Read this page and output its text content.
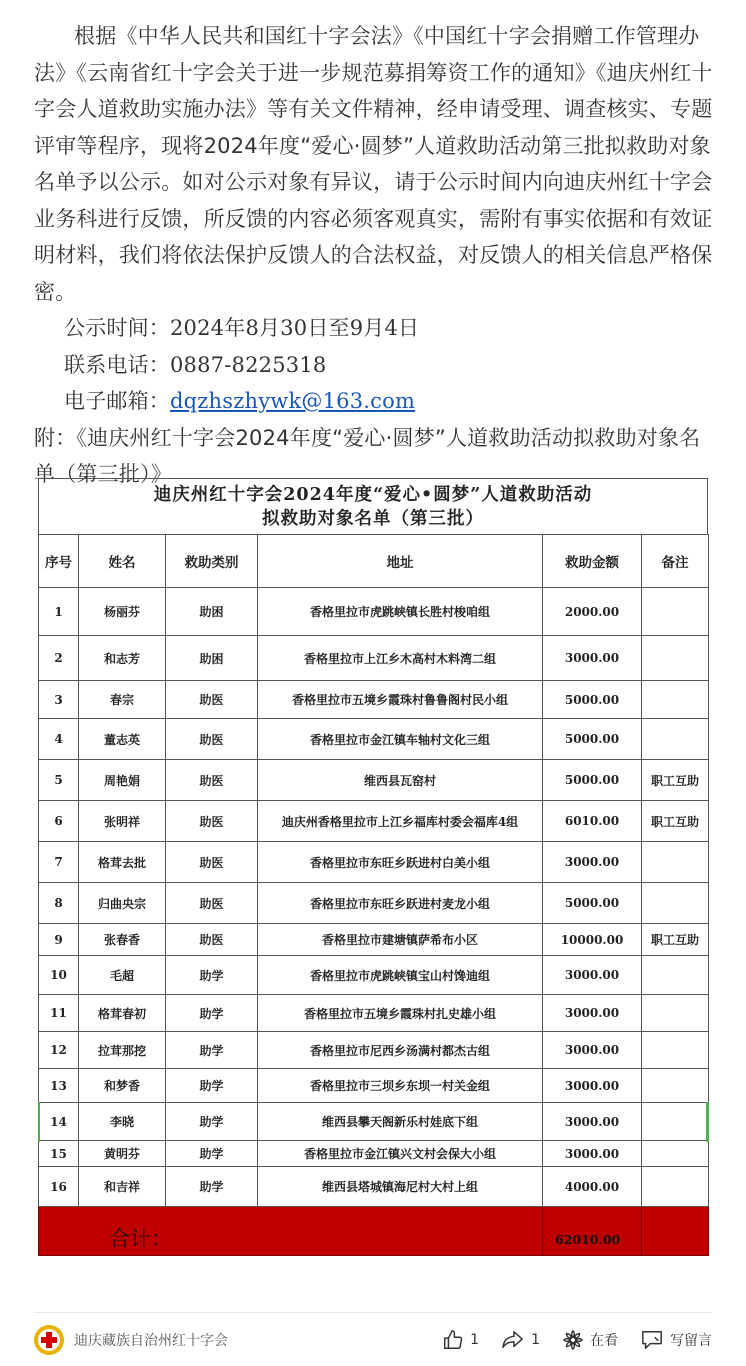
根据《中华人民共和国红十字会法》《中国红十字会捐赠工作管理办法》《云南省红十字会关于进一步规范募捐筹资工作的通知》《迪庆州红十字会人道救助实施办法》等有关文件精神，经申请受理、调查核实、专题评审等程序，现将2024年度“爱心·圆梦”人道救助活动第三批拟救助对象名单予以公示。如对公示对象有异议，请于公示时间内向迪庆州红十字会业务科进行反馈，所反馈的内容必须客观真实，需附有事实依据和有效证明材料，我们将依法保护反馈人的合法权益，对反馈人的相关信息严格保密。

公示时间：2024年8月30日至9月4日

联系电话：0887-8225318

电子邮箱：dqzhszhywk@163.com

附：《迪庆州红十字会2024年度“爱心·圆梦”人道救助活动拟救助对象名单（第三批）》

迪庆州红十字会2024年度“爱心•圆梦”人道救助活动
拟救助对象名单（第三批）
序号	姓名	救助类别	地址	救助金额	备注
1	杨丽芬	助困	香格里拉市虎跳峡镇长胜村梭咱组	2000.00	
2	和志芳	助困	香格里拉市上江乡木高村木料湾二组	3000.00	
3	春宗	助医	香格里拉市五境乡霞珠村鲁鲁阁村民小组	5000.00	
4	董志英	助医	香格里拉市金江镇车轴村文化三组	5000.00	
5	周艳娟	助医	维西县瓦窑村	5000.00	职工互助
6	张明祥	助医	迪庆州香格里拉市上江乡福库村委会福库4组	6010.00	职工互助
7	格茸去批	助医	香格里拉市东旺乡跃进村白美小组	3000.00	
8	归曲央宗	助医	香格里拉市东旺乡跃进村麦龙小组	5000.00	
9	张春香	助医	香格里拉市建塘镇萨希布小区	10000.00	职工互助
10	毛超	助学	香格里拉市虎跳峡镇宝山村馋迪组	3000.00	
11	格茸春初	助学	香格里拉市五境乡霞珠村扎史雄小组	3000.00	
12	拉茸那挖	助学	香格里拉市尼西乡汤满村都杰古组	3000.00	
13	和梦香	助学	香格里拉市三坝乡东坝一村关金组	3000.00	
14	李晓	助学	维西县攀天阁新乐村娃底下组	3000.00	
15	黄明芬	助学	香格里拉市金江镇兴文村会保大小组	3000.00	
16	和吉祥	助学	维西县塔城镇海尼村大村上组	4000.00	
合计：				62010.00	
迪庆藏族自治州红十字会	1	1	在看	写留言
